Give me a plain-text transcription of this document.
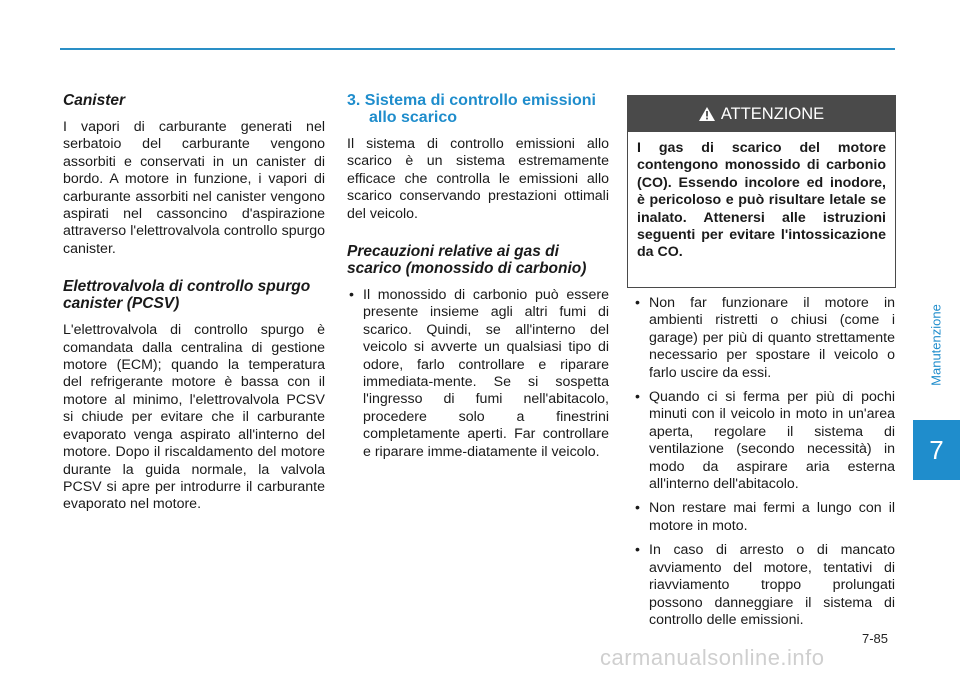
Manutenzione
7
Canister

I vapori di carburante generati nel serbatoio del carburante vengono assorbiti e conservati in un canister di bordo. A motore in funzione, i vapori di carburante assorbiti nel canister vengono aspirati nel cassoncino d'aspirazione attraverso l'elettrovalvola controllo spurgo canister.

Elettrovalvola di controllo spurgo canister (PCSV)

L'elettrovalvola di controllo spurgo è comandata dalla centralina di gestione motore (ECM); quando la temperatura del refrigerante motore è bassa con il motore al minimo, l'elettrovalvola PCSV si chiude per evitare che il carburante evaporato venga aspirato all'interno del motore. Dopo il riscaldamento del motore durante la guida normale, la valvola PCSV si apre per introdurre il carburante evaporato nel motore.

3. Sistema di controllo emissioni allo scarico

Il sistema di controllo emissioni allo scarico è un sistema estremamente efficace che controlla le emissioni allo scarico conservando prestazioni ottimali del veicolo.

Precauzioni relative ai gas di scarico (monossido di carbonio)
• Il monossido di carbonio può essere presente insieme agli altri fumi di scarico. Quindi, se all'interno del veicolo si avverte un qualsiasi tipo di odore, farlo controllare e riparare immediata-mente. Se si sospetta l'ingresso di fumi nell'abitacolo, procedere solo a finestrini completamente aperti. Far controllare e riparare imme-diatamente il veicolo.
ATTENZIONE
I gas di scarico del motore contengono monossido di carbonio (CO). Essendo incolore ed inodore, è pericoloso e può risultare letale se inalato. Attenersi alle istruzioni seguenti per evitare l'intossicazione da CO.
• Non far funzionare il motore in ambienti ristretti o chiusi (come i garage) per più di quanto strettamente necessario per spostare il veicolo o farlo uscire da essi.
• Quando ci si ferma per più di pochi minuti con il veicolo in moto in un'area aperta, regolare il sistema di ventilazione (secondo necessità) in modo da aspirare aria esterna all'interno dell'abitacolo.
• Non restare mai fermi a lungo con il motore in moto.
• In caso di arresto o di mancato avviamento del motore, tentativi di riavviamento troppo prolungati possono danneggiare il sistema di controllo delle emissioni.
7-85
carmanualsonline.info
